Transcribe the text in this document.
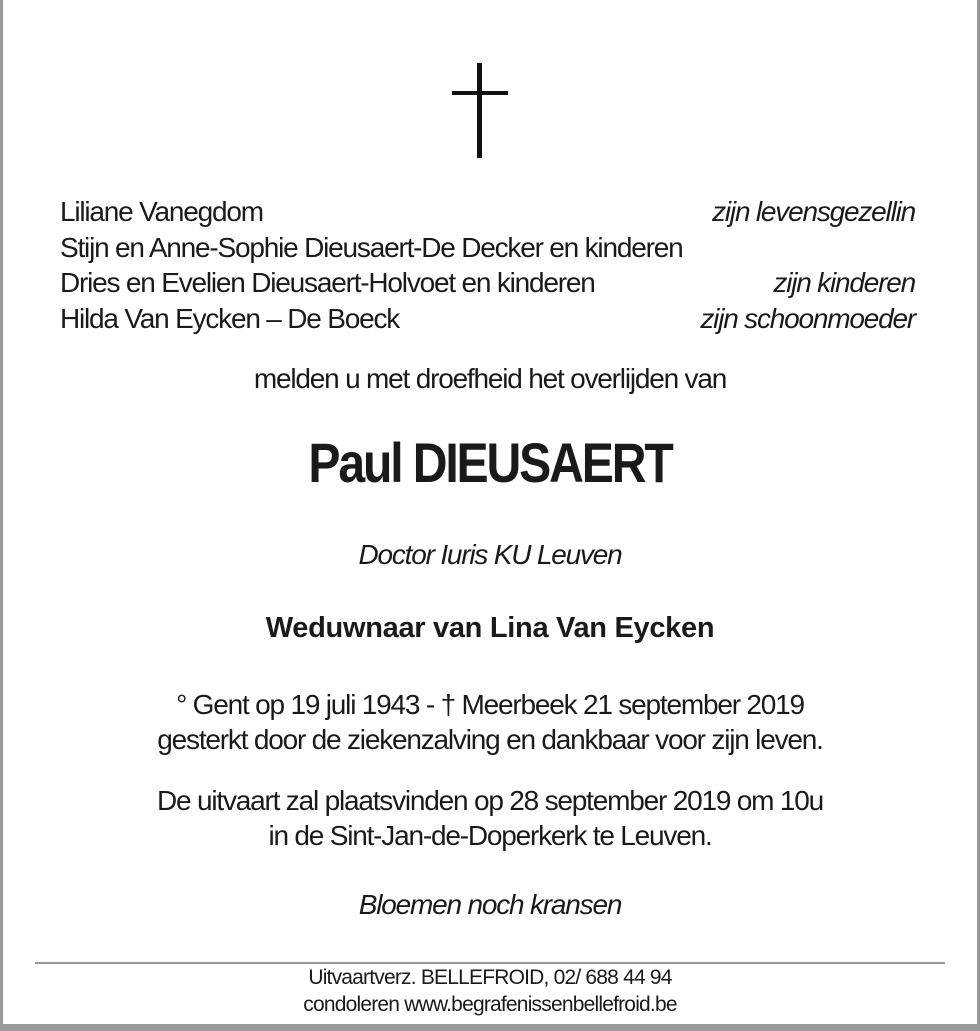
Liliane Vanegdom	zijn levensgezellin
Stijn en Anne-Sophie Dieusaert-De Decker en kinderen
Dries en Evelien Dieusaert-Holvoet en kinderen	zijn kinderen
Hilda Van Eycken – De Boeck	zijn schoonmoeder
melden u met droefheid het overlijden van
Paul DIEUSAERT
Doctor Iuris KU Leuven
Weduwnaar van Lina Van Eycken
° Gent op 19 juli 1943 - † Meerbeek 21 september 2019
gesterkt door de ziekenzalving en dankbaar voor zijn leven.
De uitvaart zal plaatsvinden op 28 september 2019 om 10u
in de Sint-Jan-de-Doperkerk te Leuven.
Bloemen noch kransen
Uitvaartverz. BELLEFROID, 02/ 688 44 94
condoleren www.begrafenissenbellefroid.be
